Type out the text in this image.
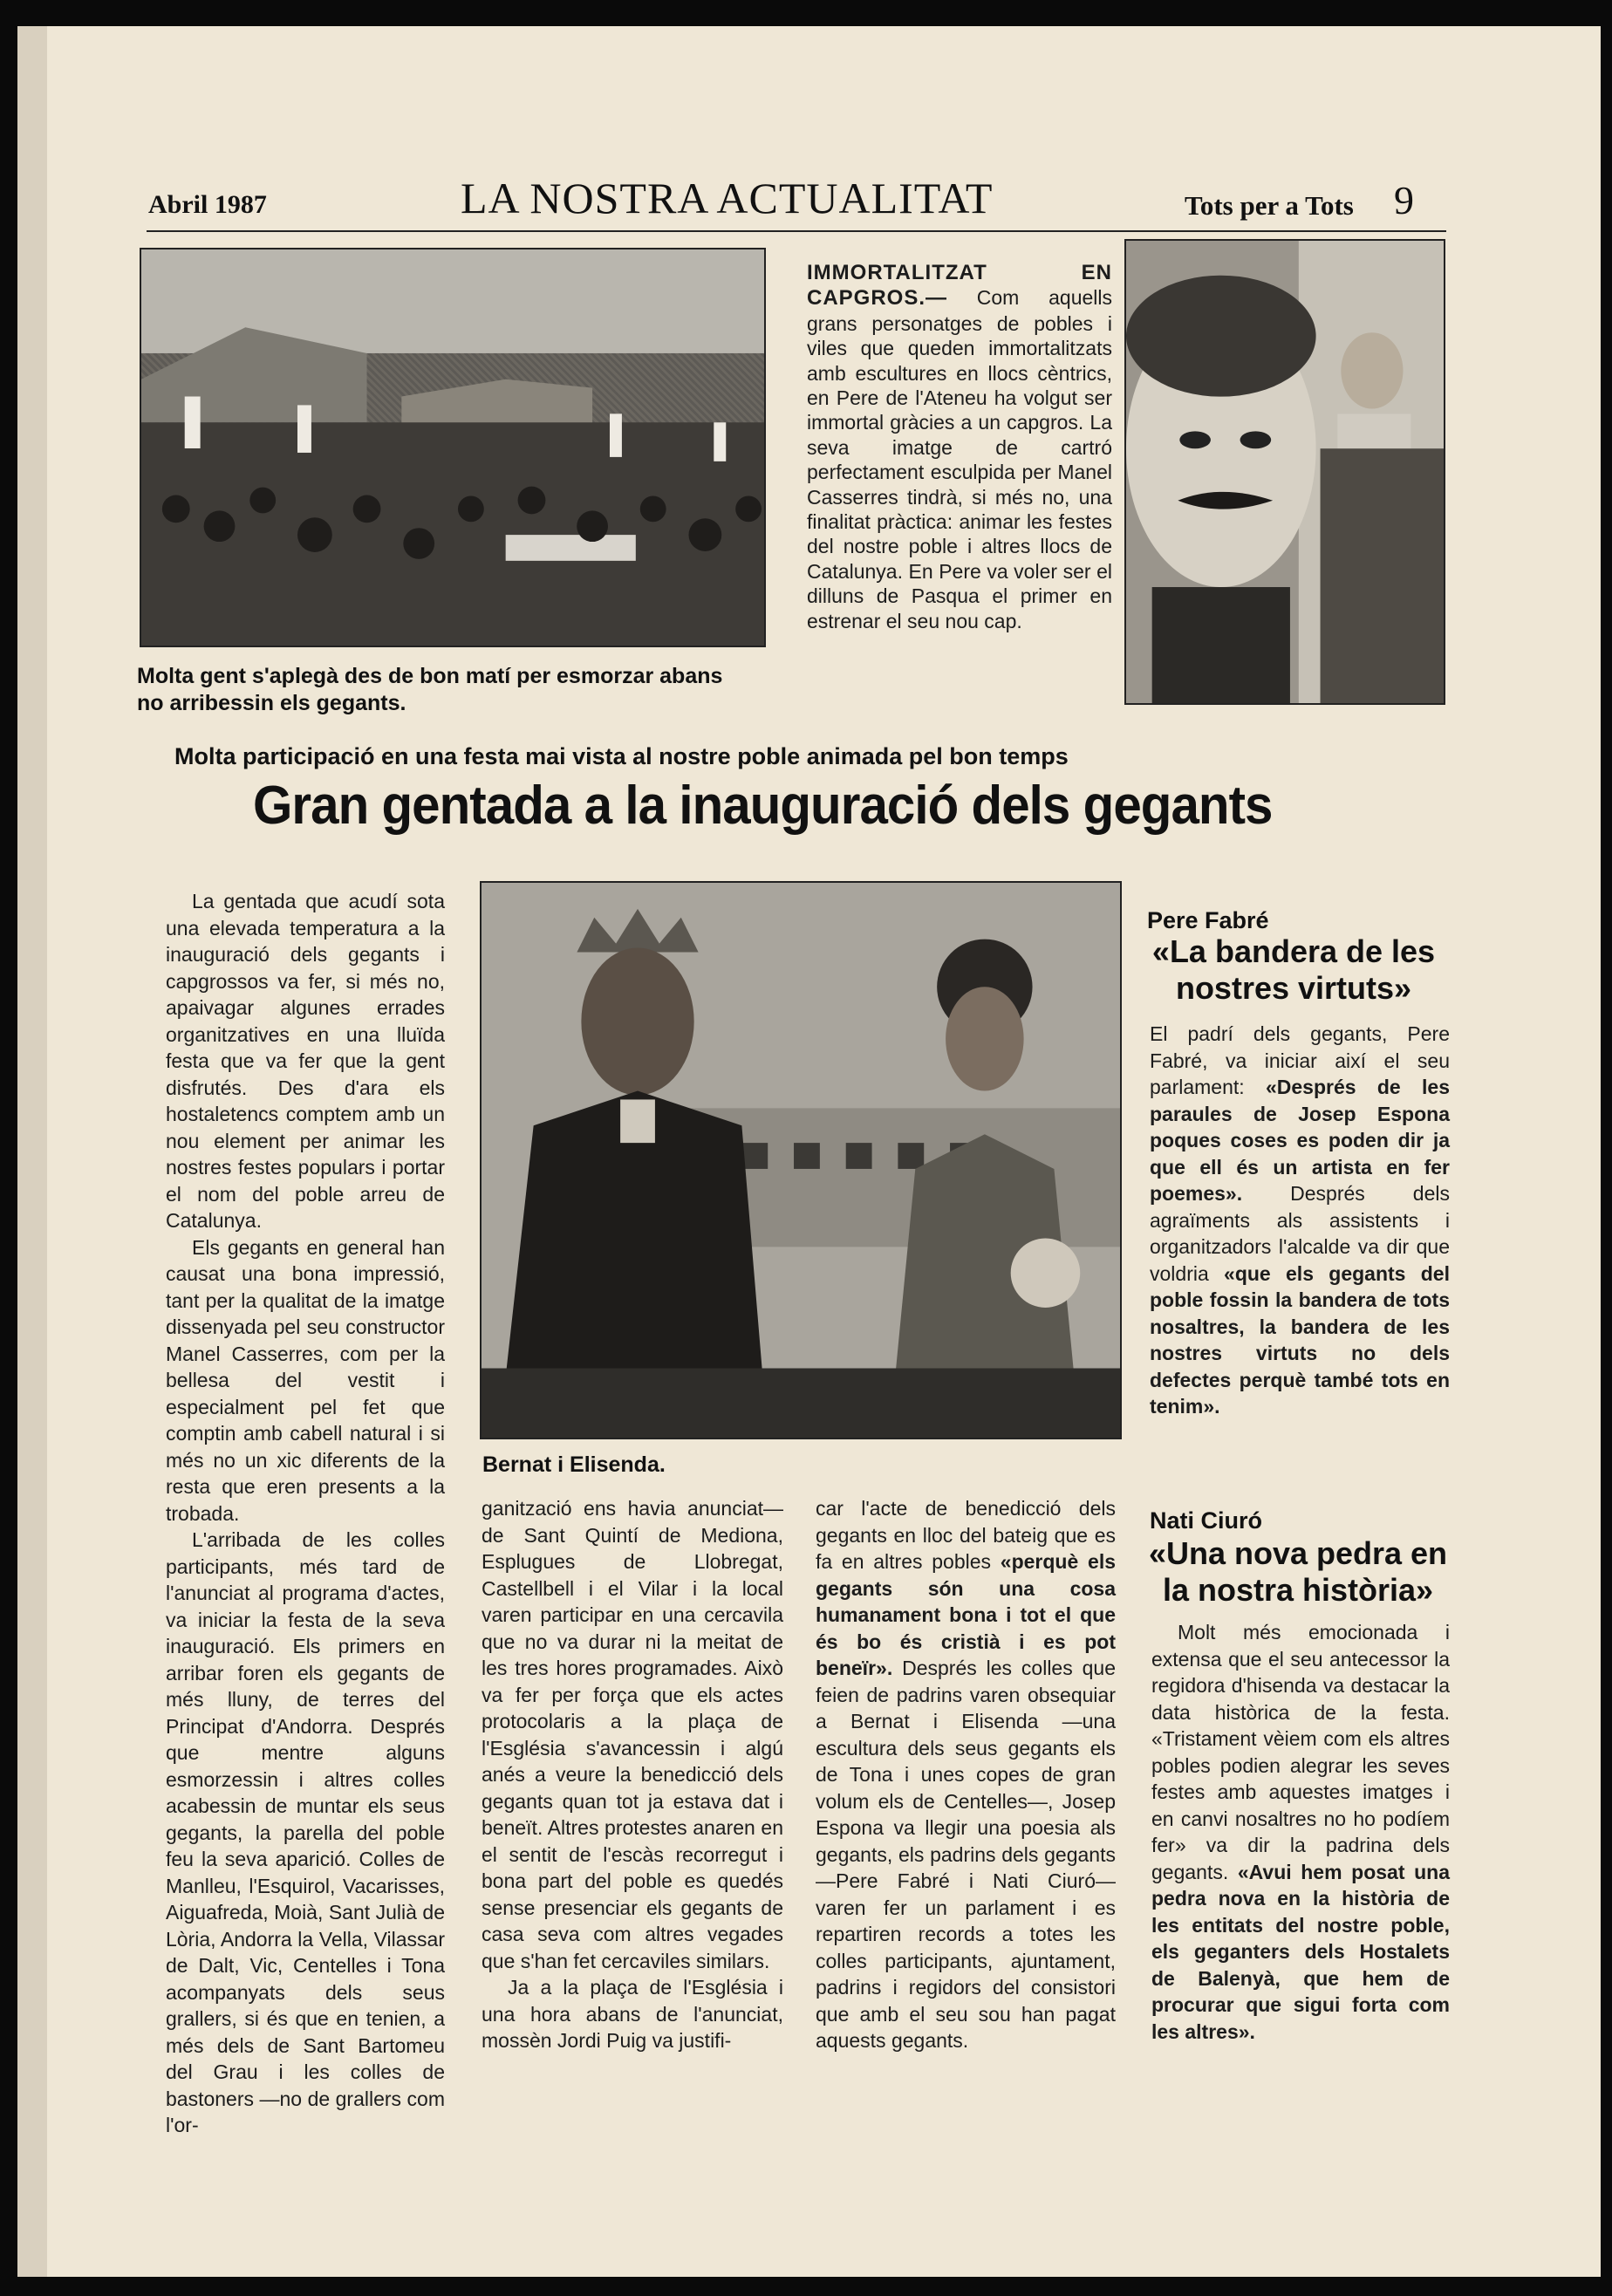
Abril 1987	LA NOSTRA ACTUALITAT	Tots per a Tots 9
Molta gent s'aplegà des de bon matí per esmorzar abans no arribessin els gegants.
IMMORTALITZAT EN CAPGROS.— Com aquells grans personatges de pobles i viles que queden immortalitzats amb escultures en llocs cèntrics, en Pere de l'Ateneu ha volgut ser immortal gràcies a un capgros. La seva imatge de cartró perfectament esculpida per Manel Casserres tindrà, si més no, una finalitat pràctica: animar les festes del nostre poble i altres llocs de Catalunya. En Pere va voler ser el dilluns de Pasqua el primer en estrenar el seu nou cap.
Molta participació en una festa mai vista al nostre poble animada pel bon temps
Gran gentada a la inauguració dels gegants
Bernat i Elisenda.

La gentada que acudí sota una elevada temperatura a la inauguració dels gegants i capgrossos va fer, si més no, apaivagar algunes errades organitzatives en una lluïda festa que va fer que la gent disfrutés. Des d'ara els hostaletencs comptem amb un nou element per animar les nostres festes populars i portar el nom del poble arreu de Catalunya.

Els gegants en general han causat una bona impressió, tant per la qualitat de la imatge dissenyada pel seu constructor Manel Casserres, com per la bellesa del vestit i especialment pel fet que comptin amb cabell natural i si més no un xic diferents de la resta que eren presents a la trobada.

L'arribada de les colles participants, més tard de l'anunciat al programa d'actes, va iniciar la festa de la seva inauguració. Els primers en arribar foren els gegants de més lluny, de terres del Principat d'Andorra. Després que mentre alguns esmorzessin i altres colles acabessin de muntar els seus gegants, la parella del poble feu la seva aparició. Colles de Manlleu, l'Esquirol, Vacarisses, Aiguafreda, Moià, Sant Julià de Lòria, Andorra la Vella, Vilassar de Dalt, Vic, Centelles i Tona acompanyats dels seus grallers, si és que en tenien, a més dels de Sant Bartomeu del Grau i les colles de bastoners —no de grallers com l'or-

ganització ens havia anunciat— de Sant Quintí de Mediona, Esplugues de Llobregat, Castellbell i el Vilar i la local varen participar en una cercavila que no va durar ni la meitat de les tres hores programades. Això va fer per força que els actes protocolaris a la plaça de l'Església s'avancessin i algú anés a veure la benedicció dels gegants quan tot ja estava dat i beneït. Altres protestes anaren en el sentit de l'escàs recorregut i bona part del poble es quedés sense presenciar els gegants de casa seva com altres vegades que s'han fet cercaviles similars.

Ja a la plaça de l'Església i una hora abans de l'anunciat, mossèn Jordi Puig va justifi-

car l'acte de benedicció dels gegants en lloc del bateig que es fa en altres pobles «perquè els gegants són una cosa humanament bona i tot el que és bo és cristià i es pot beneïr». Després les colles que feien de padrins varen obsequiar a Bernat i Elisenda —una escultura dels seus gegants els de Tona i unes copes de gran volum els de Centelles—, Josep Espona va llegir una poesia als gegants, els padrins dels gegants —Pere Fabré i Nati Ciuró— varen fer un parlament i es repartiren records a totes les colles participants, ajuntament, padrins i regidors del consistori que amb el seu sou han pagat aquests gegants.
Pere Fabré
«La bandera de les nostres virtuts»
El padrí dels gegants, Pere Fabré, va iniciar així el seu parlament: «Després de les paraules de Josep Espona poques coses es poden dir ja que ell és un artista en fer poemes». Després dels agraïments als assistents i organitzadors l'alcalde va dir que voldria «que els gegants del poble fossin la bandera de tots nosaltres, la bandera de les nostres virtuts no dels defectes perquè també tots en tenim».
Nati Ciuró
«Una nova pedra en la nostra història»
Molt més emocionada i extensa que el seu antecessor la regidora d'hisenda va destacar la data històrica de la festa. «Tristament vèiem com els altres pobles podien alegrar les seves festes amb aquestes imatges i en canvi nosaltres no ho podíem fer» va dir la padrina dels gegants. «Avui hem posat una pedra nova en la història de les entitats del nostre poble, els geganters dels Hostalets de Balenyà, que hem de procurar que sigui forta com les altres».
